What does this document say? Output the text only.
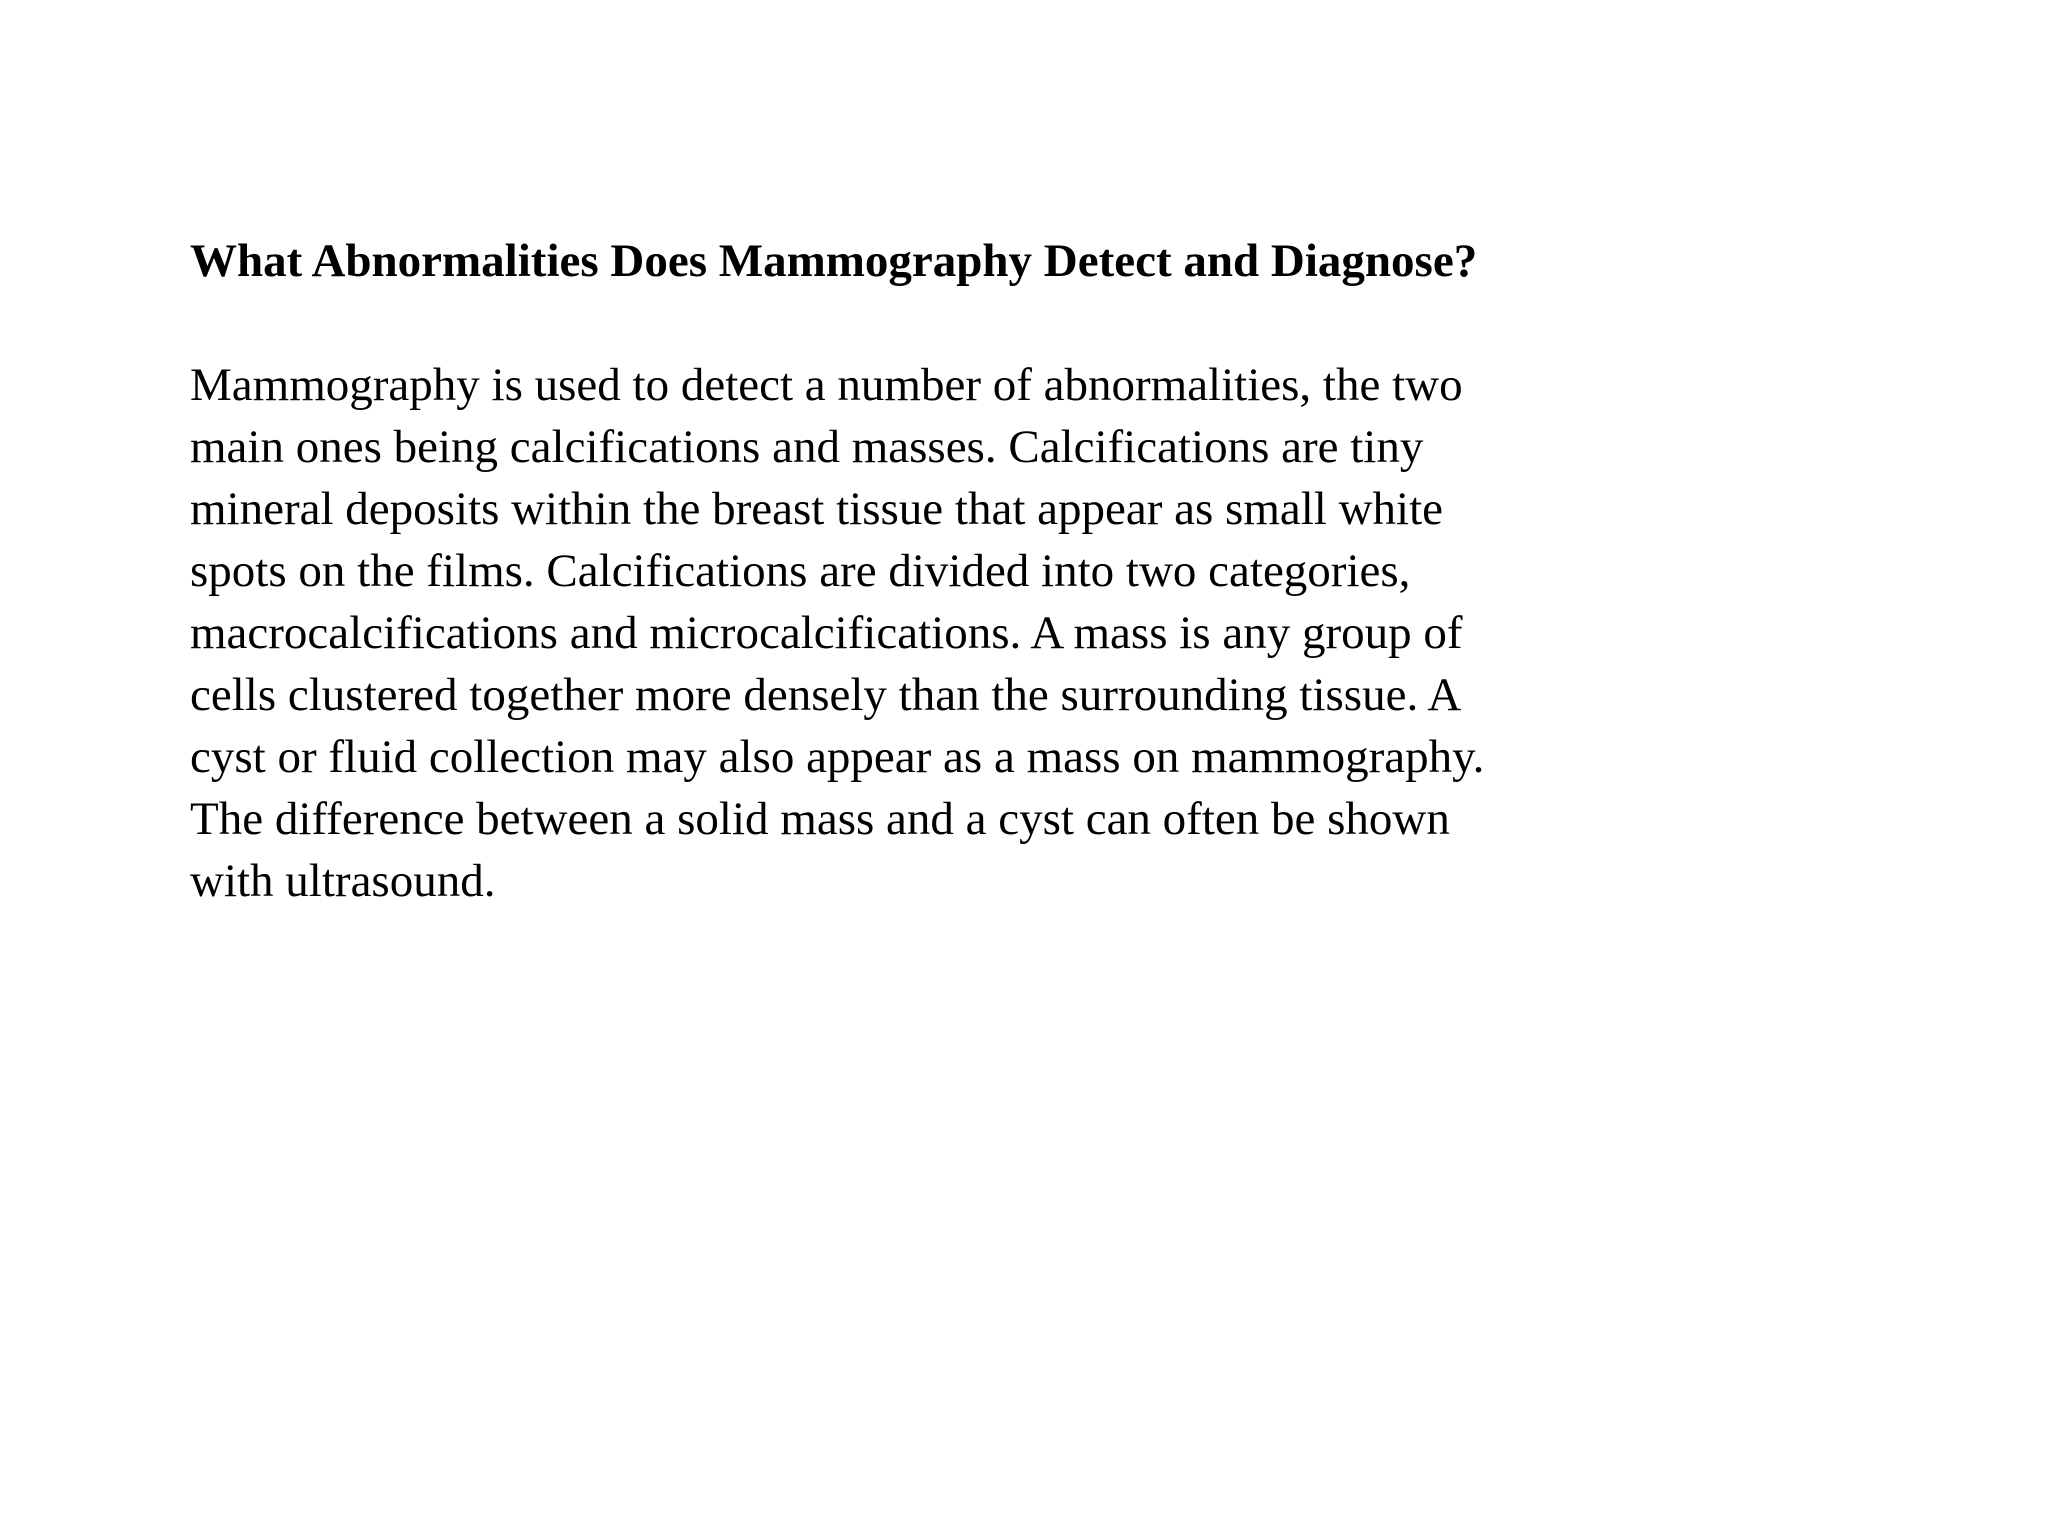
What Abnormalities Does Mammography Detect and Diagnose?

Mammography is used to detect a number of abnormalities, the two
main ones being calcifications and masses. Calcifications are tiny
mineral deposits within the breast tissue that appear as small white
spots on the films. Calcifications are divided into two categories,
macrocalcifications and microcalcifications. A mass is any group of
cells clustered together more densely than the surrounding tissue. A
cyst or fluid collection may also appear as a mass on mammography.
The difference between a solid mass and a cyst can often be shown
with ultrasound.
